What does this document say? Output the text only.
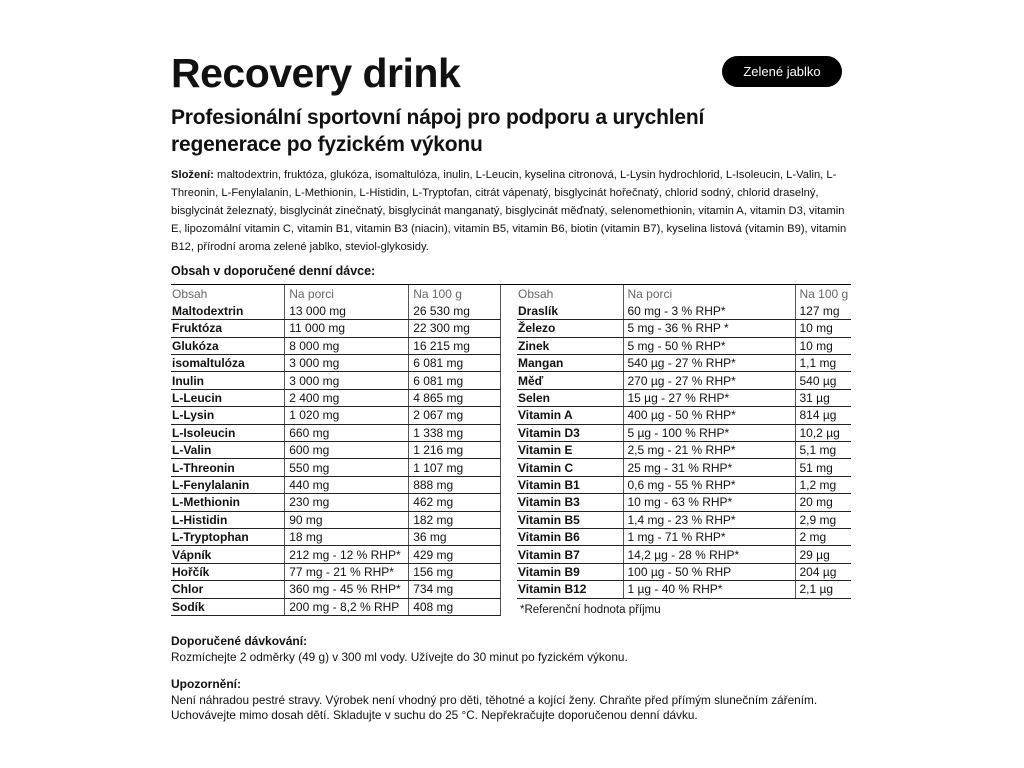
Recovery drink	Zelené jablko
Profesionální sportovní nápoj pro podporu a urychlení regenerace po fyzickém výkonu

Složení: maltodextrin, fruktóza, glukóza, isomaltulóza, inulin, L-Leucin, kyselina citronová, L-Lysin hydrochlorid, L-Isoleucin, L-Valin, L-Threonin, L-Fenylalanin, L-Methionin, L-Histidin, L-Tryptofan, citrát vápenatý, bisglycinát hořečnatý, chlorid sodný, chlorid draselný, bisglycinát železnatý, bisglycinát zinečnatý, bisglycinát manganatý, bisglycinát měďnatý, selenomethionin, vitamin A, vitamin D3, vitamin E, lipozomální vitamin C, vitamin B1, vitamin B3 (niacin), vitamin B5, vitamin B6, biotin (vitamin B7), kyselina listová (vitamin B9), vitamin B12, přírodní aroma zelené jablko, steviol-glykosidy.

Obsah v doporučené denní dávce:
Obsah	Na porci	Na 100 g
Maltodextrin	13 000 mg	26 530 mg
Fruktóza	11 000 mg	22 300 mg
Glukóza	8 000 mg	16 215 mg
isomaltulóza	3 000 mg	6 081 mg
Inulin	3 000 mg	6 081 mg
L-Leucin	2 400 mg	4 865 mg
L-Lysin	1 020 mg	2 067 mg
L-Isoleucin	660 mg	1 338 mg
L-Valin	600 mg	1 216 mg
L-Threonin	550 mg	1 107 mg
L-Fenylalanin	440 mg	888 mg
L-Methionin	230 mg	462 mg
L-Histidin	90 mg	182 mg
L-Tryptophan	18 mg	36 mg
Vápník	212 mg - 12 % RHP*	429 mg
Hořčík	77 mg - 21 % RHP*	156 mg
Chlor	360 mg - 45 % RHP*	734 mg
Sodík	200 mg - 8,2 % RHP	408 mg
Obsah	Na porci	Na 100 g
Draslík	60 mg - 3 % RHP*	127 mg
Železo	5 mg - 36 % RHP *	10 mg
Zinek	5 mg - 50 % RHP*	10 mg
Mangan	540 µg - 27 % RHP*	1,1 mg
Měď	270 µg - 27 % RHP*	540 µg
Selen	15 µg - 27 % RHP*	31 µg
Vitamin A	400 µg - 50 % RHP*	814 µg
Vitamin D3	5 µg - 100 % RHP*	10,2 µg
Vitamin E	2,5 mg - 21 % RHP*	5,1 mg
Vitamin C	25 mg - 31 % RHP*	51 mg
Vitamin B1	0,6 mg - 55 % RHP*	1,2 mg
Vitamin B3	10 mg - 63 % RHP*	20 mg
Vitamin B5	1,4 mg - 23 % RHP*	2,9 mg
Vitamin B6	1 mg - 71 % RHP*	2 mg
Vitamin B7	14,2 µg - 28 % RHP*	29 µg
Vitamin B9	100 µg - 50 % RHP	204 µg
Vitamin B12	1 µg - 40 % RHP*	2,1 µg
*Referenční hodnota příjmu
Doporučené dávkování:
Rozmíchejte 2 odměrky (49 g) v 300 ml vody. Užívejte do 30 minut po fyzickém výkonu.
Upozornění:
Není náhradou pestré stravy. Výrobek není vhodný pro děti, těhotné a kojící ženy. Chraňte před přímým slunečním zářením. Uchovávejte mimo dosah dětí. Skladujte v suchu do 25 °C. Nepřekračujte doporučenou denní dávku.
